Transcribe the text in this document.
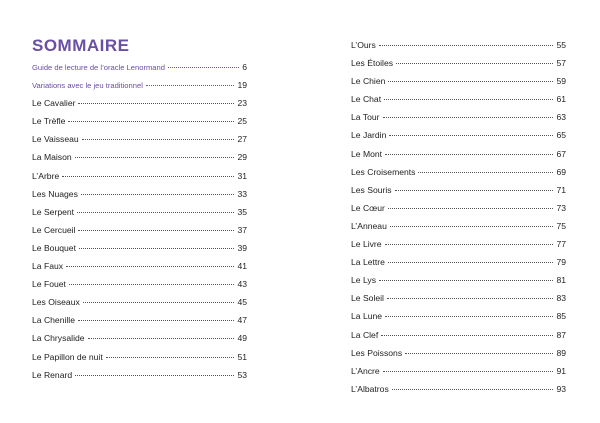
SOMMAIRE
Guide de lecture de l’oracle Lenormand	6
Variations avec le jeu traditionnel	19
Le Cavalier	23
Le Trèfle	25
Le Vaisseau	27
La Maison	29
L’Arbre	31
Les Nuages	33
Le Serpent	35
Le Cercueil	37
Le Bouquet	39
La Faux	41
Le Fouet	43
Les Oiseaux	45
La Chenille	47
La Chrysalide	49
Le Papillon de nuit	51
Le Renard	53
L’Ours	55
Les Étoiles	57
Le Chien	59
Le Chat	61
La Tour	63
Le Jardin	65
Le Mont	67
Les Croisements	69
Les Souris	71
Le Cœur	73
L’Anneau	75
Le Livre	77
La Lettre	79
Le Lys	81
Le Soleil	83
La Lune	85
La Clef	87
Les Poissons	89
L’Ancre	91
L’Albatros	93
